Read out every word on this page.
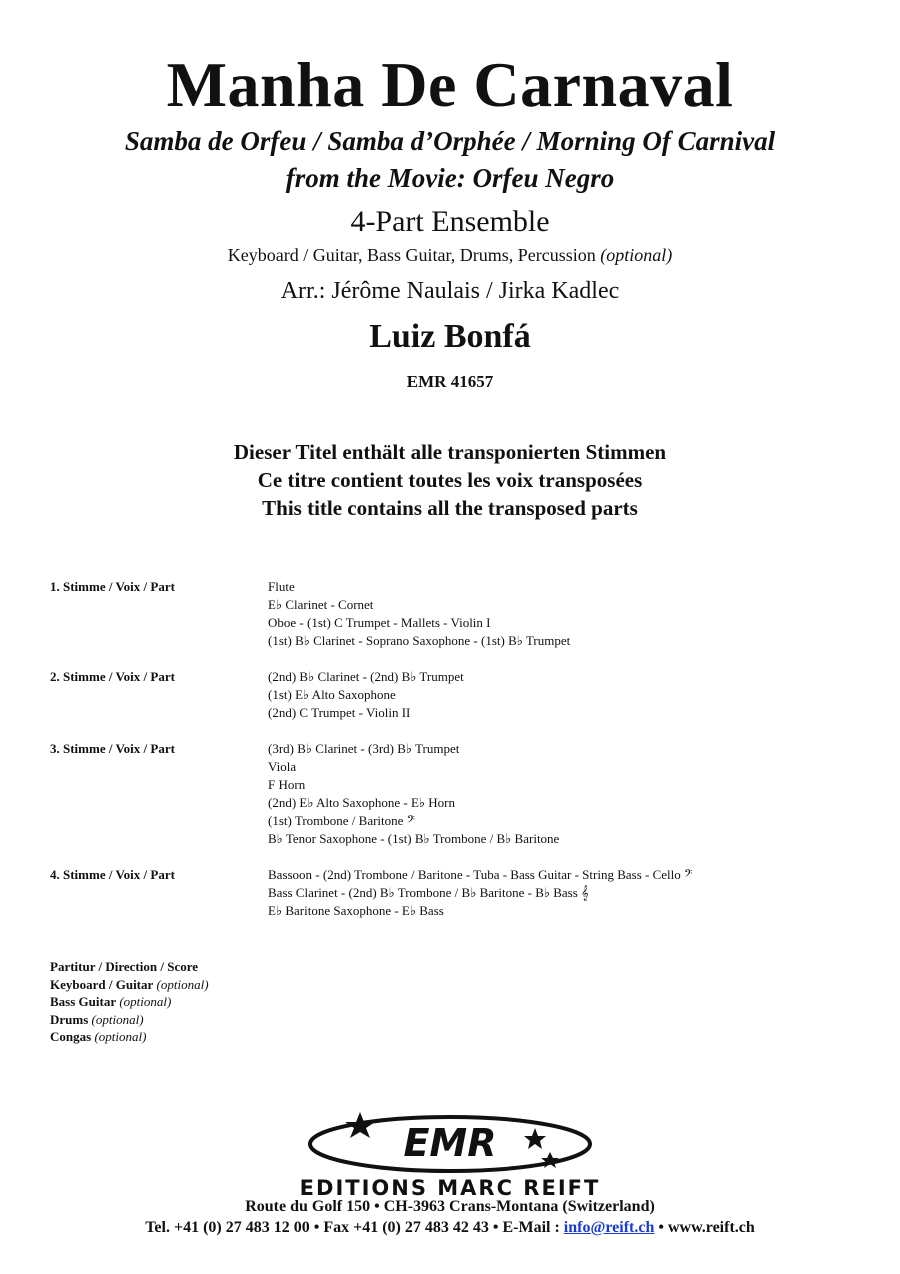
Manha De Carnaval
Samba de Orfeu / Samba d’Orphée / Morning Of Carnival
from the Movie: Orfeu Negro
4-Part Ensemble
Keyboard / Guitar, Bass Guitar, Drums, Percussion (optional)
Arr.: Jérôme Naulais / Jirka Kadlec
Luiz Bonfá
EMR 41657
Dieser Titel enthält alle transponierten Stimmen
Ce titre contient toutes les voix transposées
This title contains all the transposed parts
1. Stimme / Voix / Part	Flute
E♭ Clarinet - Cornet
Oboe - (1st) C Trumpet - Mallets - Violin I
(1st) B♭ Clarinet - Soprano Saxophone - (1st) B♭ Trumpet
2. Stimme / Voix / Part	(2nd) B♭ Clarinet - (2nd) B♭ Trumpet
(1st) E♭ Alto Saxophone
(2nd) C Trumpet - Violin II
3. Stimme / Voix / Part	(3rd) B♭ Clarinet - (3rd) B♭ Trumpet
Viola
F Horn
(2nd) E♭ Alto Saxophone - E♭ Horn
(1st) Trombone / Baritone 𝄢
B♭ Tenor Saxophone - (1st) B♭ Trombone / B♭ Baritone
4. Stimme / Voix / Part	Bassoon - (2nd) Trombone / Baritone - Tuba - Bass Guitar - String Bass - Cello 𝄢
Bass Clarinet - (2nd) B♭ Trombone / B♭ Baritone - B♭ Bass 𝄞
E♭ Baritone Saxophone - E♭ Bass
Partitur / Direction / Score
Keyboard / Guitar (optional)
Bass Guitar (optional)
Drums (optional)
Congas (optional)
EMR
EDITIONS MARC REIFT
Route du Golf 150 • CH-3963 Crans-Montana (Switzerland)
Tel. +41 (0) 27 483 12 00 • Fax +41 (0) 27 483 42 43 • E-Mail : info@reift.ch • www.reift.ch
